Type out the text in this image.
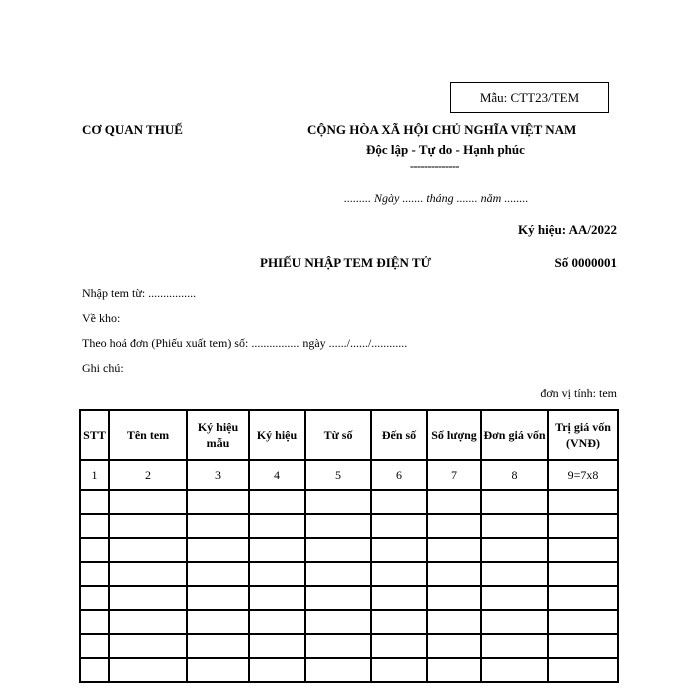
Mẫu: CTT23/TEM
CƠ QUAN THUẾ	CỘNG HÒA XÃ HỘI CHỦ NGHĨA VIỆT NAM
Độc lập - Tự do - Hạnh phúc
--------------
......... Ngày ....... tháng ....... năm ........
Ký hiệu: AA/2022
PHIẾU NHẬP TEM ĐIỆN TỬ	Số 0000001
Nhập tem từ: ................
Về kho:
Theo hoá đơn (Phiếu xuất tem) số: ................ ngày ....../....../............
Ghi chú:
đơn vị tính: tem
STT	Tên tem	Ký hiệu mẫu	Ký hiệu	Từ số	Đến số	Số lượng	Đơn giá vốn	Trị giá vốn (VNĐ)
1	2	3	4	5	6	7	8	9=7x8
